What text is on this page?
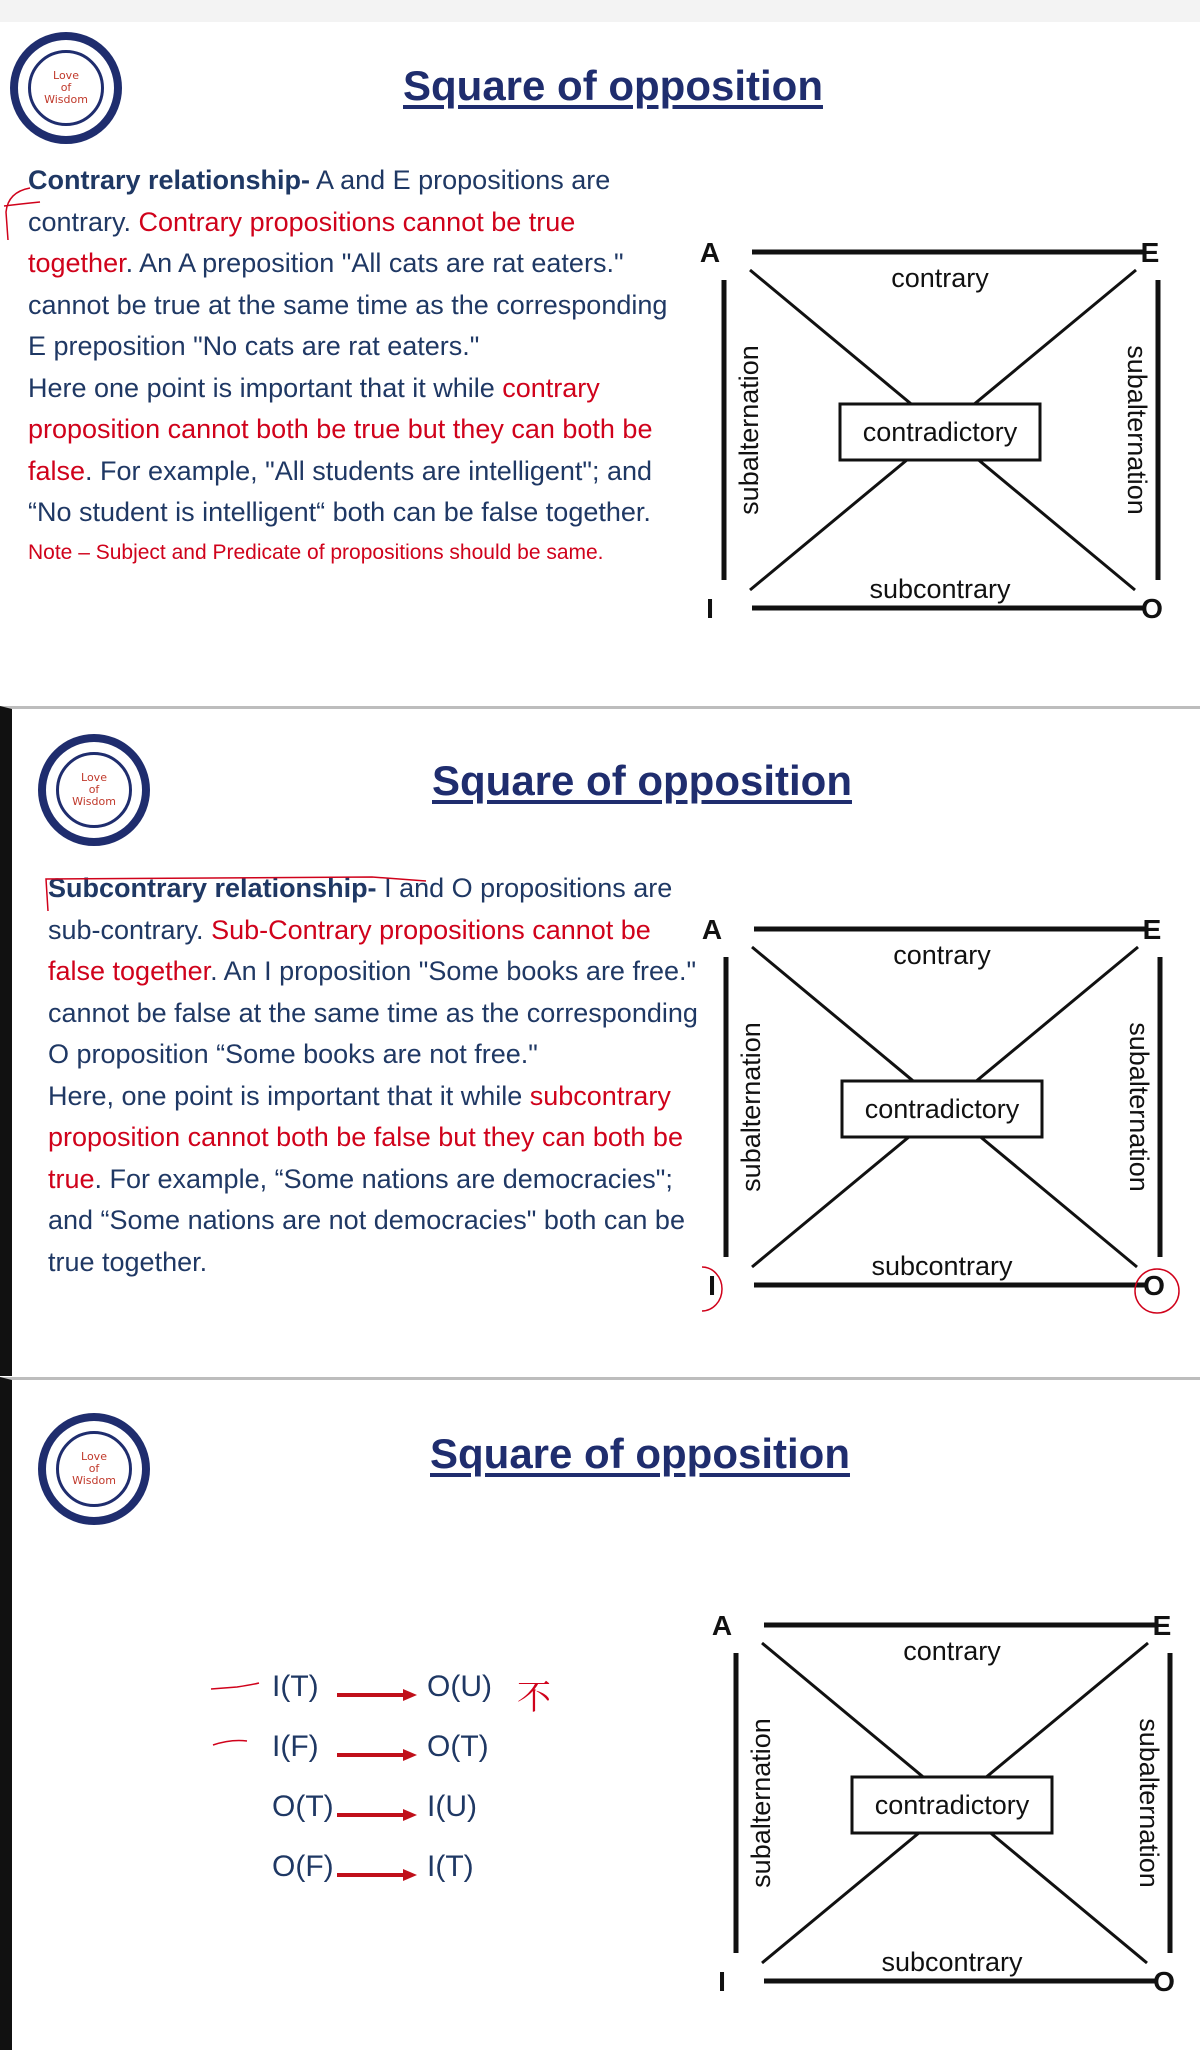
Love
of
Wisdom	Square of opposition

Contrary relationship- A and E propositions are contrary. Contrary propositions cannot be true together. An A preposition "All cats are rat eaters." cannot be true at the same time as the corresponding E preposition "No cats are rat eaters."

Here one point is important that it while contrary proposition cannot both be true but they can both be false. For example, "All students are intelligent"; and “No student is intelligent“ both can be false together.

Note – Subject and Predicate of propositions should be same.

contradictory
contrary
subcontrary
subalternation	subalternation
A	E
I	O
Love
of
Wisdom	Square of opposition

Subcontrary relationship- I and O propositions are sub-contrary. Sub-Contrary propositions cannot be false together. An I proposition "Some books are free." cannot be false at the same time as the corresponding O proposition “Some books are not free."

Here, one point is important that it while subcontrary proposition cannot both be false but they can both be true. For example, “Some nations are democracies"; and “Some nations are not democracies" both can be true together.

contradictory
contrary
subcontrary
subalternation	subalternation
A	E
I	O
Love
of
Wisdom
Square of opposition
I(T)	O(U)
I(F)	O(T)
O(T)	I(U)
O(F)	I(T)
不
contradictory
contrary
subcontrary
subalternation	subalternation
A	E
I	O
